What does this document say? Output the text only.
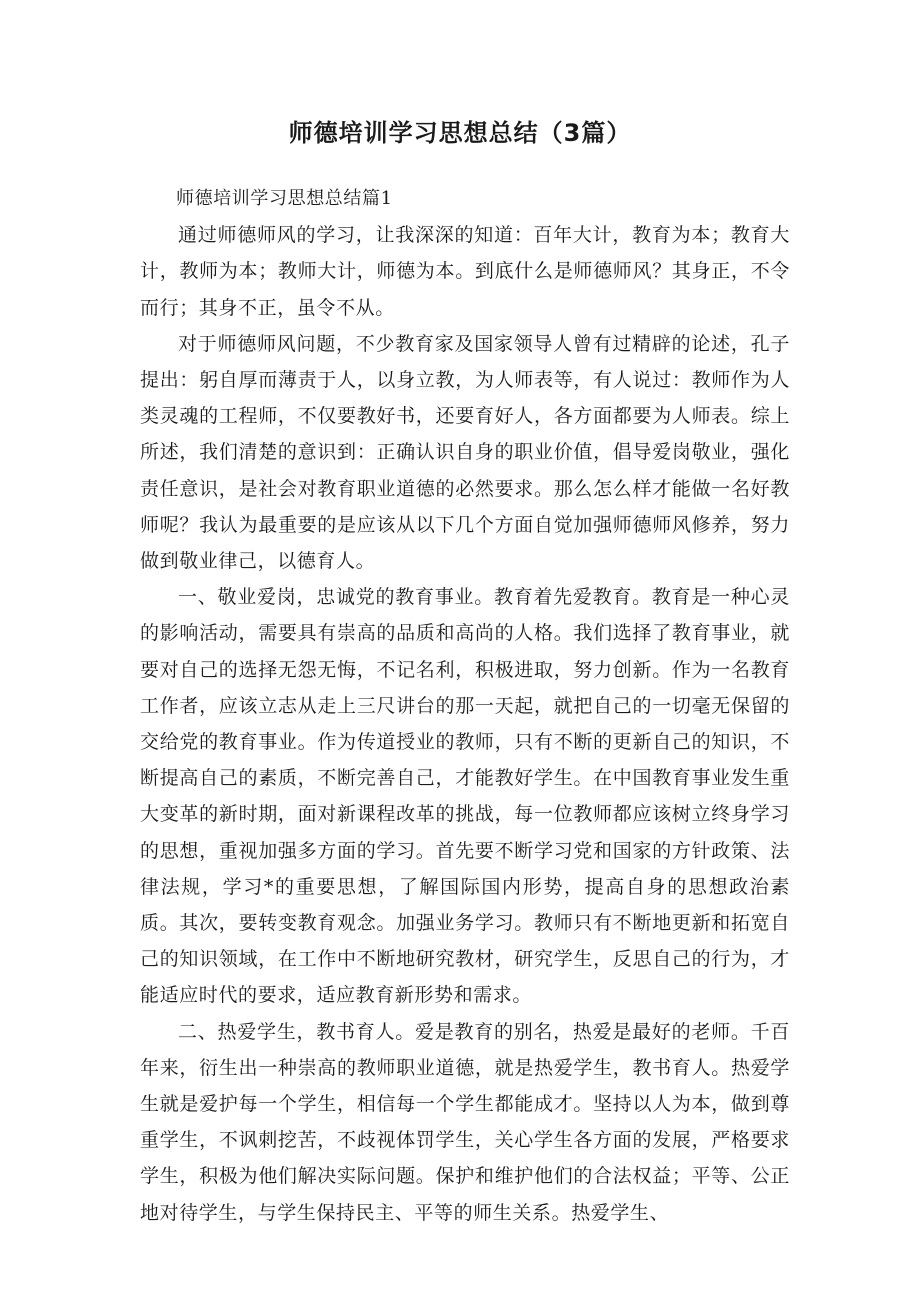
师德培训学习思想总结（3篇）
师德培训学习思想总结篇1

通过师德师风的学习，让我深深的知道：百年大计，教育为本；教育大计，教师为本；教师大计，师德为本。到底什么是师德师风？其身正，不令而行；其身不正，虽令不从。

对于师德师风问题，不少教育家及国家领导人曾有过精辟的论述，孔子提出：躬自厚而薄责于人，以身立教，为人师表等，有人说过：教师作为人类灵魂的工程师，不仅要教好书，还要育好人，各方面都要为人师表。综上所述，我们清楚的意识到：正确认识自身的职业价值，倡导爱岗敬业，强化责任意识，是社会对教育职业道德的必然要求。那么怎么样才能做一名好教师呢？我认为最重要的是应该从以下几个方面自觉加强师德师风修养，努力做到敬业律己，以德育人。

一、敬业爱岗，忠诚党的教育事业。教育着先爱教育。教育是一种心灵的影响活动，需要具有崇高的品质和高尚的人格。我们选择了教育事业，就要对自己的选择无怨无悔，不记名利，积极进取，努力创新。作为一名教育工作者，应该立志从走上三尺讲台的那一天起，就把自己的一切毫无保留的交给党的教育事业。作为传道授业的教师，只有不断的更新自己的知识，不断提高自己的素质，不断完善自己，才能教好学生。在中国教育事业发生重大变革的新时期，面对新课程改革的挑战，每一位教师都应该树立终身学习的思想，重视加强多方面的学习。首先要不断学习党和国家的方针政策、法律法规，学习*的重要思想，了解国际国内形势，提高自身的思想政治素质。其次，要转变教育观念。加强业务学习。教师只有不断地更新和拓宽自己的知识领域，在工作中不断地研究教材，研究学生，反思自己的行为，才能适应时代的要求，适应教育新形势和需求。

二、热爱学生，教书育人。爱是教育的别名，热爱是最好的老师。千百年来，衍生出一种崇高的教师职业道德，就是热爱学生，教书育人。热爱学生就是爱护每一个学生，相信每一个学生都能成才。坚持以人为本，做到尊重学生，不讽刺挖苦，不歧视体罚学生，关心学生各方面的发展，严格要求学生，积极为他们解决实际问题。保护和维护他们的合法权益；平等、公正地对待学生，与学生保持民主、平等的师生关系。热爱学生、
